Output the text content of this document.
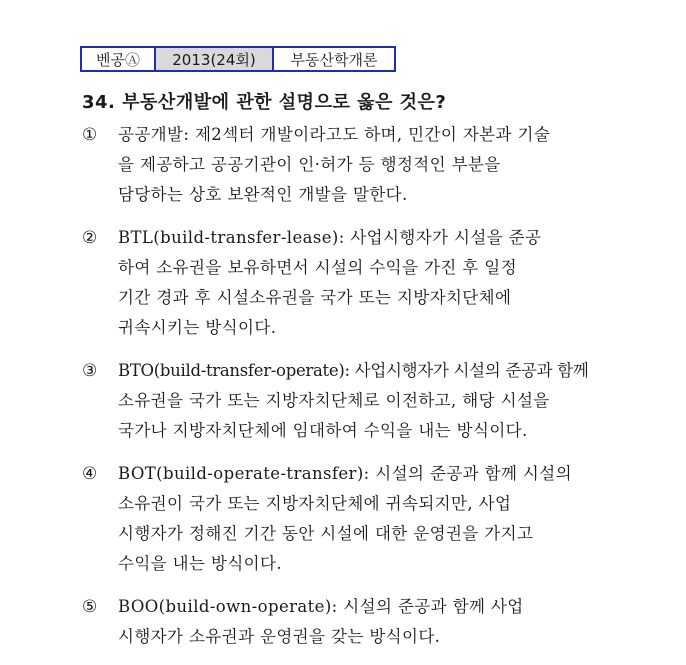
벤공Ⓐ	2013(24회)	부동산학개론
34. 부동산개발에 관한 설명으로 옳은 것은?
①	공공개발: 제2섹터 개발이라고도 하며, 민간이 자본과 기술
을 제공하고 공공기관이 인·허가 등 행정적인 부분을
담당하는 상호 보완적인 개발을 말한다.
②	BTL(build-transfer-lease): 사업시행자가 시설을 준공
하여 소유권을 보유하면서 시설의 수익을 가진 후 일정
기간 경과 후 시설소유권을 국가 또는 지방자치단체에
귀속시키는 방식이다.
③	BTO(build-transfer-operate): 사업시행자가 시설의 준공과 함께
소유권을 국가 또는 지방자치단체로 이전하고, 해당 시설을
국가나 지방자치단체에 임대하여 수익을 내는 방식이다.
④	BOT(build-operate-transfer): 시설의 준공과 함께 시설의
소유권이 국가 또는 지방자치단체에 귀속되지만, 사업
시행자가 정해진 기간 동안 시설에 대한 운영권을 가지고
수익을 내는 방식이다.
⑤	BOO(build-own-operate): 시설의 준공과 함께 사업
시행자가 소유권과 운영권을 갖는 방식이다.
